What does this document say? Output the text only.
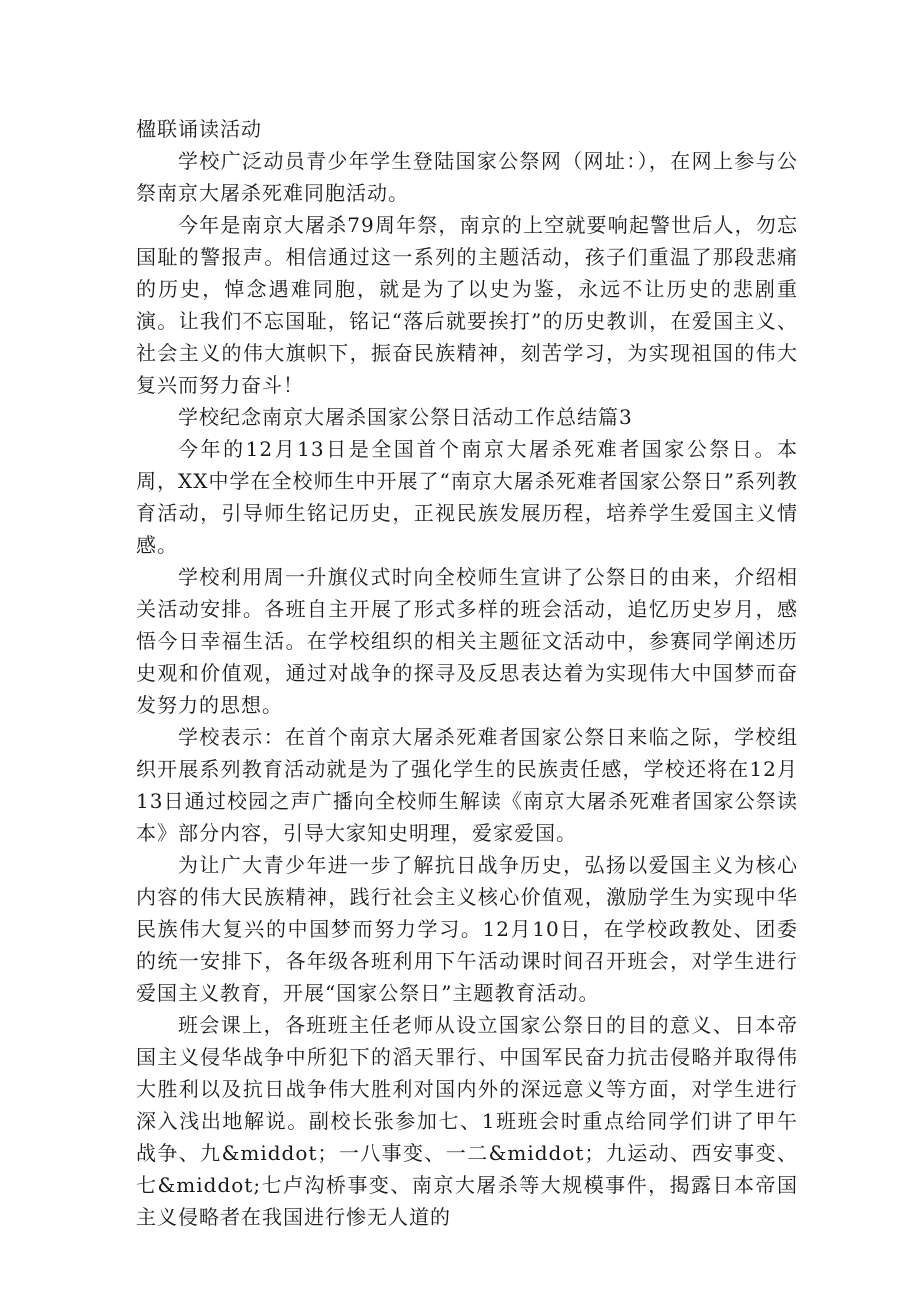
楹联诵读活动

学校广泛动员青少年学生登陆国家公祭网（网址：），在网上参与公祭南京大屠杀死难同胞活动。

今年是南京大屠杀79周年祭，南京的上空就要响起警世后人，勿忘国耻的警报声。相信通过这一系列的主题活动，孩子们重温了那段悲痛的历史，悼念遇难同胞，就是为了以史为鉴，永远不让历史的悲剧重演。让我们不忘国耻，铭记“落后就要挨打”的历史教训，在爱国主义、社会主义的伟大旗帜下，振奋民族精神，刻苦学习，为实现祖国的伟大复兴而努力奋斗！

学校纪念南京大屠杀国家公祭日活动工作总结篇3

今年的12月13日是全国首个南京大屠杀死难者国家公祭日。本周，XX中学在全校师生中开展了“南京大屠杀死难者国家公祭日”系列教育活动，引导师生铭记历史，正视民族发展历程，培养学生爱国主义情感。

学校利用周一升旗仪式时向全校师生宣讲了公祭日的由来，介绍相关活动安排。各班自主开展了形式多样的班会活动，追忆历史岁月，感悟今日幸福生活。在学校组织的相关主题征文活动中，参赛同学阐述历史观和价值观，通过对战争的探寻及反思表达着为实现伟大中国梦而奋发努力的思想。

学校表示：在首个南京大屠杀死难者国家公祭日来临之际，学校组织开展系列教育活动就是为了强化学生的民族责任感，学校还将在12月13日通过校园之声广播向全校师生解读《南京大屠杀死难者国家公祭读本》部分内容，引导大家知史明理，爱家爱国。

为让广大青少年进一步了解抗日战争历史，弘扬以爱国主义为核心内容的伟大民族精神，践行社会主义核心价值观，激励学生为实现中华民族伟大复兴的中国梦而努力学习。12月10日，在学校政教处、团委的统一安排下，各年级各班利用下午活动课时间召开班会，对学生进行爱国主义教育，开展“国家公祭日”主题教育活动。

班会课上，各班班主任老师从设立国家公祭日的目的意义、日本帝国主义侵华战争中所犯下的滔天罪行、中国军民奋力抗击侵略并取得伟大胜利以及抗日战争伟大胜利对国内外的深远意义等方面，对学生进行深入浅出地解说。副校长张参加七、1班班会时重点给同学们讲了甲午战争、九&middot；一八事变、一二&middot；九运动、西安事变、七&middot;七卢沟桥事变、南京大屠杀等大规模事件，揭露日本帝国主义侵略者在我国进行惨无人道的
